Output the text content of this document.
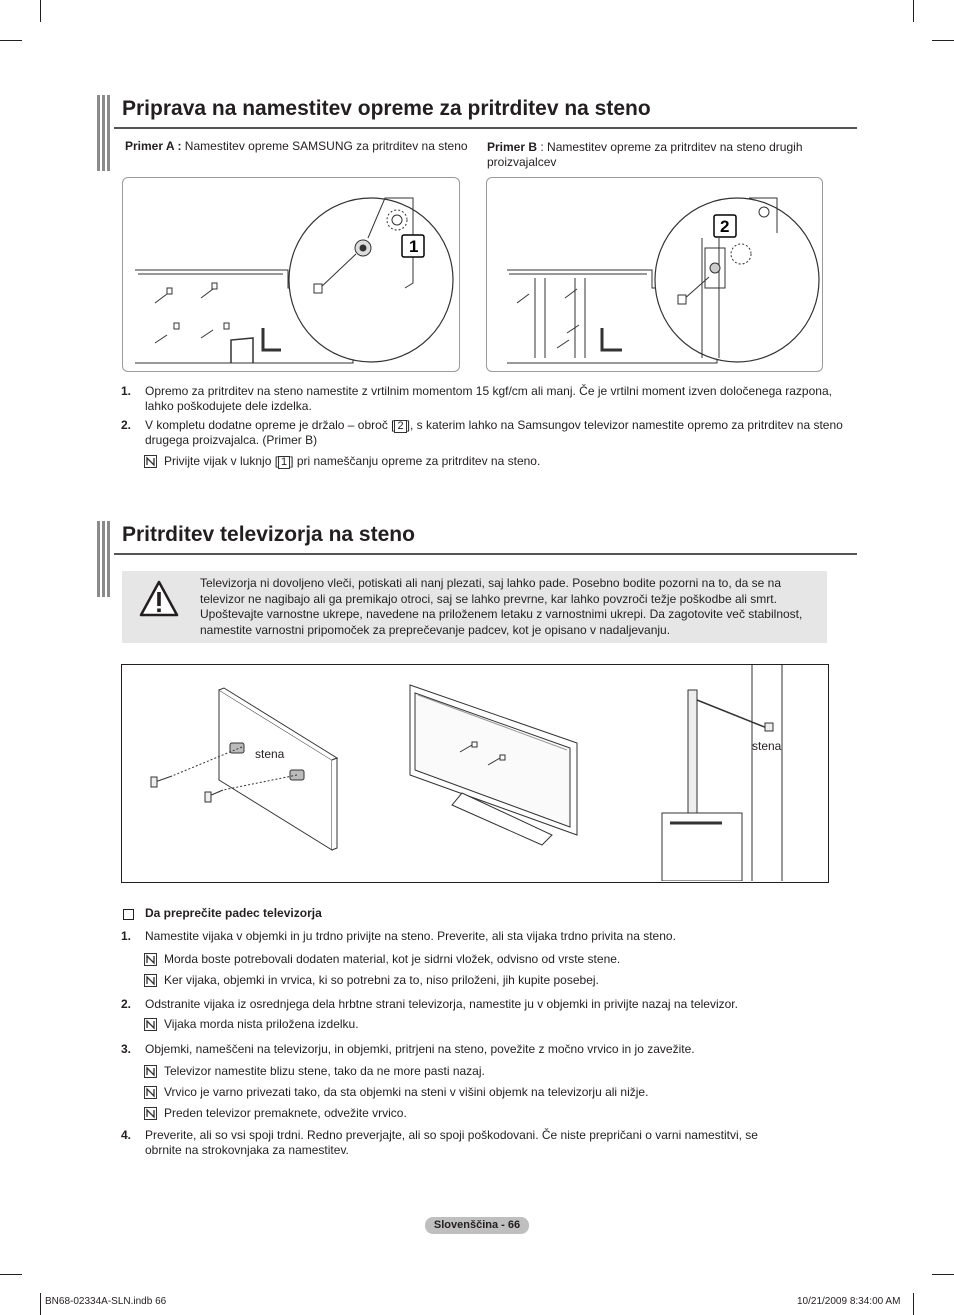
Priprava na namestitev opreme za pritrditev na steno
Primer A : Namestitev opreme SAMSUNG za pritrditev na steno	Primer B : Namestitev opreme za pritrditev na steno drugih proizvajalcev
1
2
1. Opremo za pritrditev na steno namestite z vrtilnim momentom 15 kgf/cm ali manj. Če je vrtilni moment izven določenega razpona, lahko poškodujete dele izdelka.
2. V kompletu dodatne opreme je držalo – obroč [ 2 ], s katerim lahko na Samsungov televizor namestite opremo za pritrditev na steno drugega proizvajalca. (Primer B)
Privijte vijak v luknjo [ 1 ] pri nameščanju opreme za pritrditev na steno.
Pritrditev televizorja na steno
Televizorja ni dovoljeno vleči, potiskati ali nanj plezati, saj lahko pade. Posebno bodite pozorni na to, da se na televizor ne nagibajo ali ga premikajo otroci, saj se lahko prevrne, kar lahko povzroči težje poškodbe ali smrt. Upoštevajte varnostne ukrepe, navedene na priloženem letaku z varnostnimi ukrepi. Da zagotovite več stabilnost, namestite varnostni pripomoček za preprečevanje padcev, kot je opisano v nadaljevanju.
stena
stena
Da preprečite padec televizorja
1. Namestite vijaka v objemki in ju trdno privijte na steno. Preverite, ali sta vijaka trdno privita na steno.
Morda boste potrebovali dodaten material, kot je sidrni vložek, odvisno od vrste stene.
Ker vijaka, objemki in vrvica, ki so potrebni za to, niso priloženi, jih kupite posebej.
2. Odstranite vijaka iz osrednjega dela hrbtne strani televizorja, namestite ju v objemki in privijte nazaj na televizor.
Vijaka morda nista priložena izdelku.
3. Objemki, nameščeni na televizorju, in objemki, pritrjeni na steno, povežite z močno vrvico in jo zavežite.
Televizor namestite blizu stene, tako da ne more pasti nazaj.
Vrvico je varno privezati tako, da sta objemki na steni v višini objemk na televizorju ali nižje.
Preden televizor premaknete, odvežite vrvico.
4. Preverite, ali so vsi spoji trdni. Redno preverjajte, ali so spoji poškodovani. Če niste prepričani o varni namestitvi, se obrnite na strokovnjaka za namestitev.
Slovenščina - 66
BN68-02334A-SLN.indb 66	10/21/2009 8:34:00 AM
